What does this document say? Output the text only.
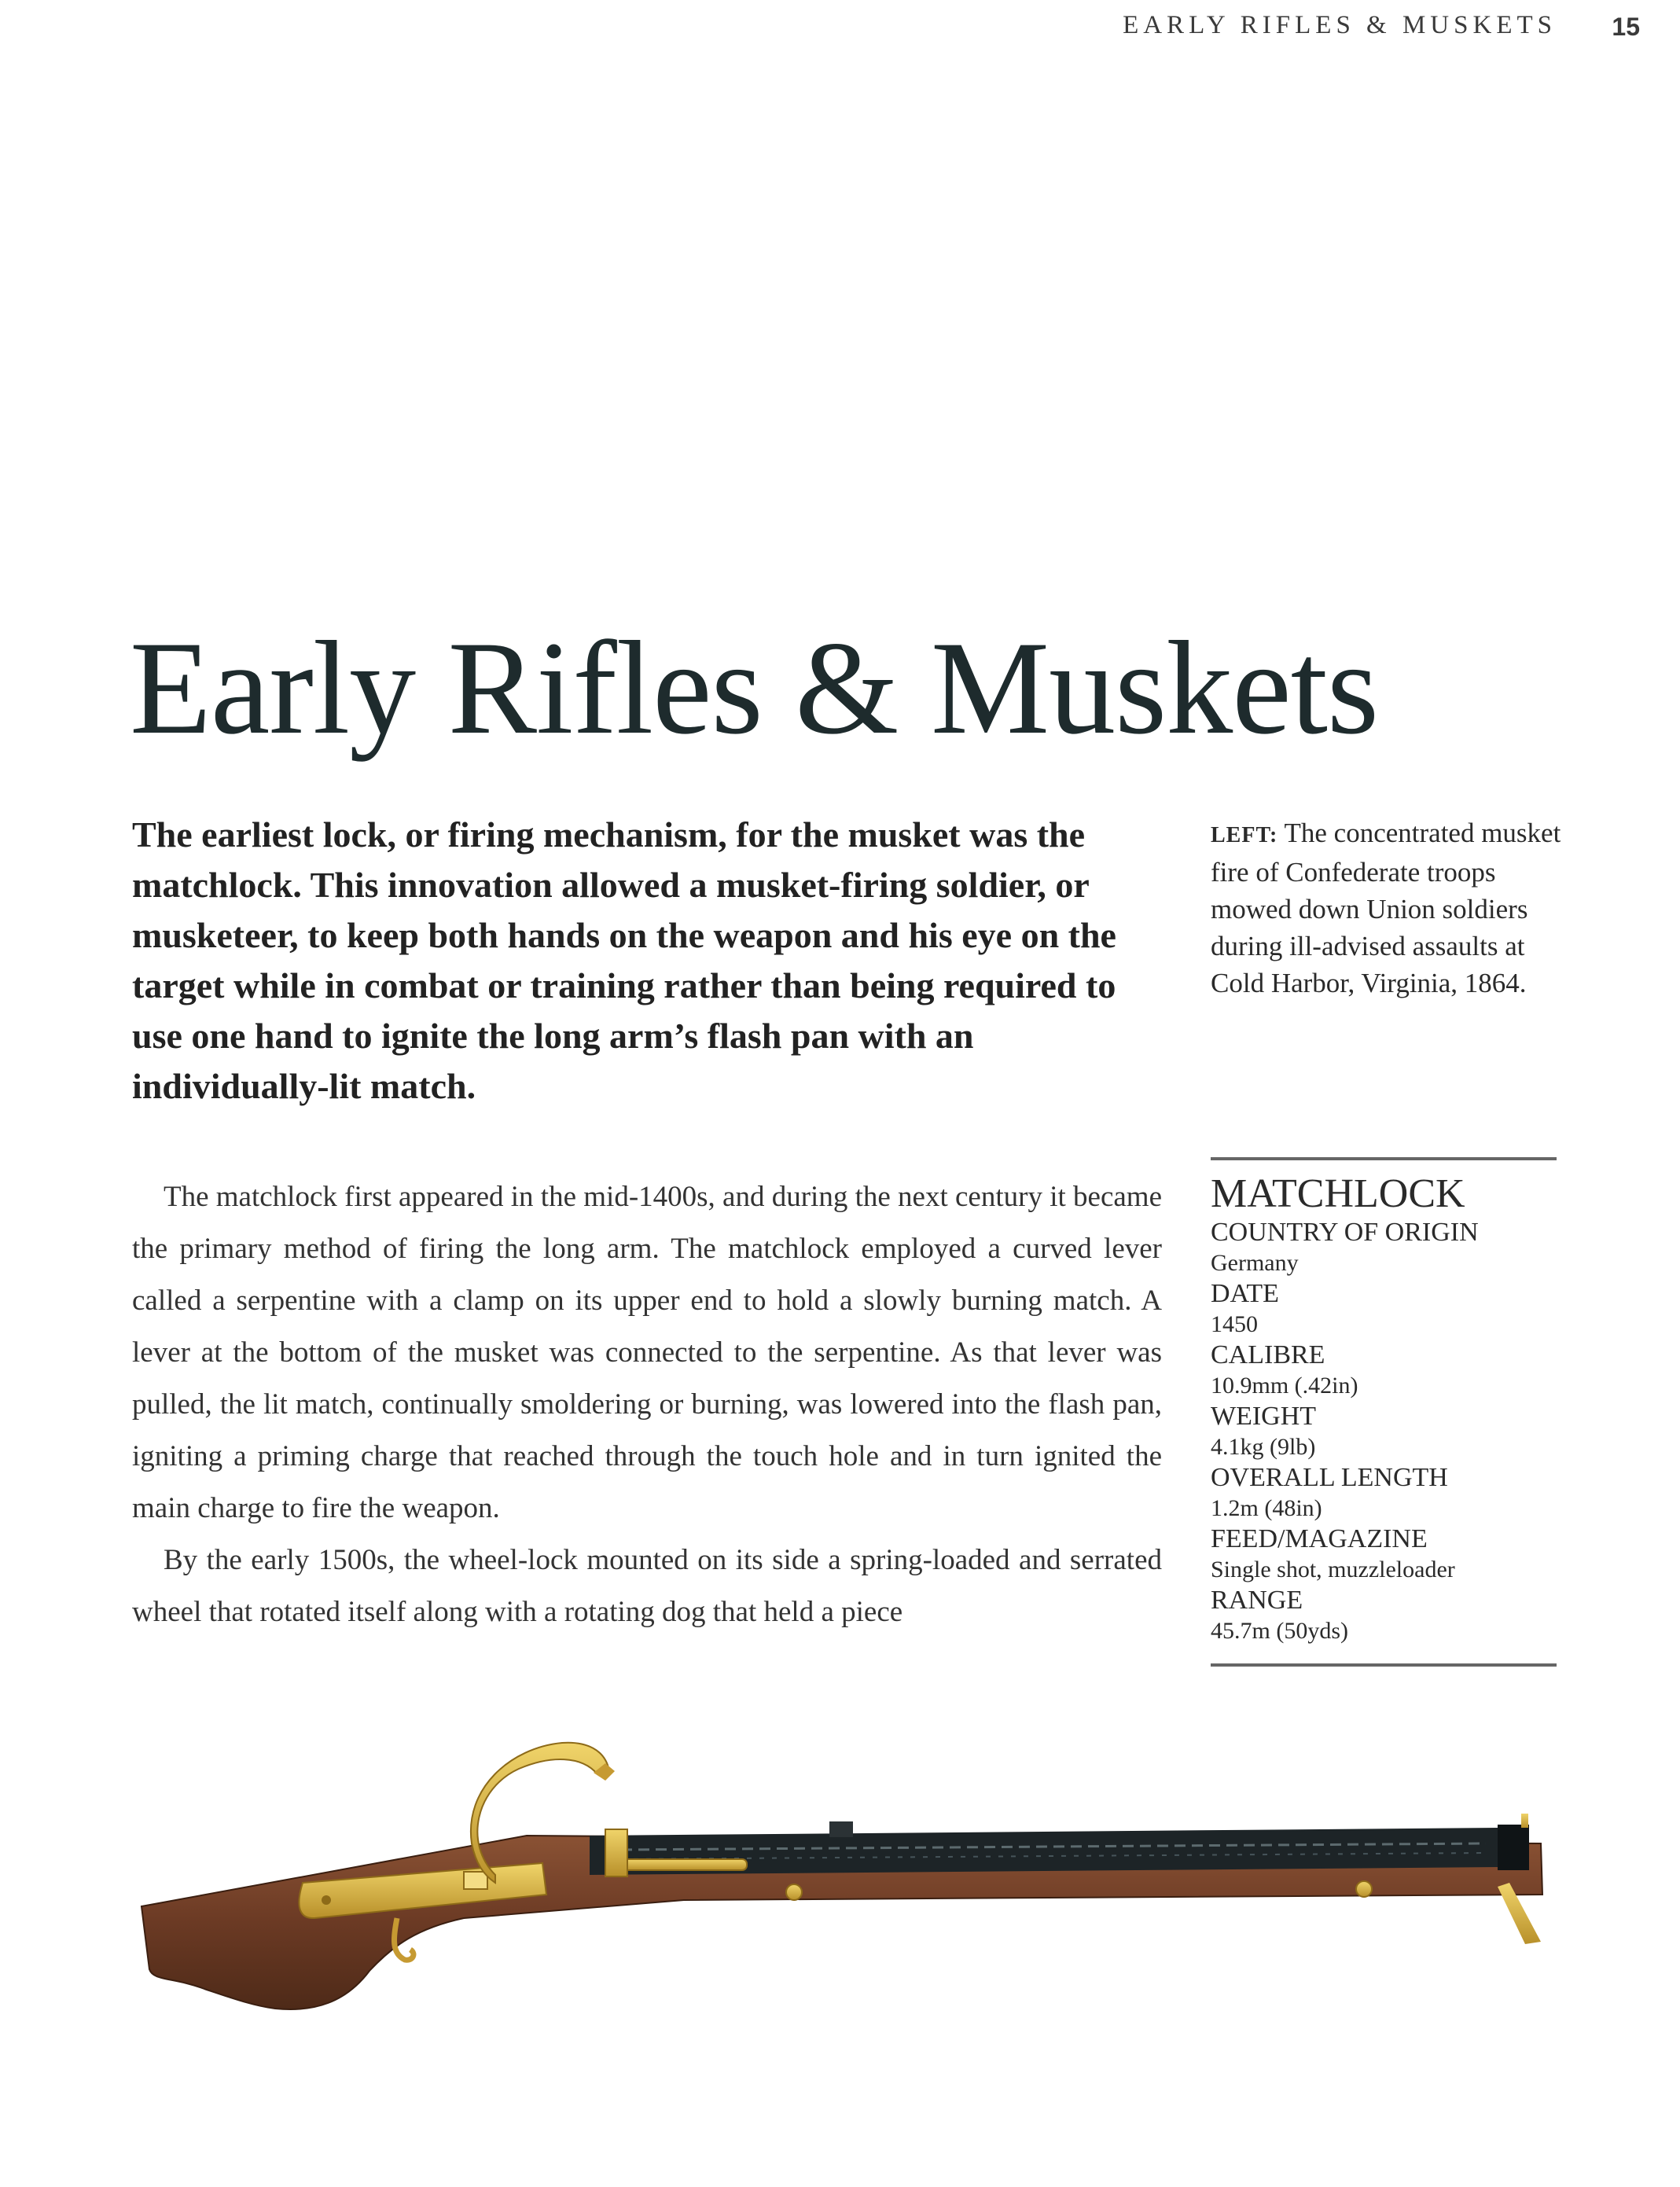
EARLY RIFLES & MUSKETS 15
Early Rifles & Muskets

The earliest lock, or firing mechanism, for the musket was the matchlock. This innovation allowed a musket-firing soldier, or musketeer, to keep both hands on the weapon and his eye on the target while in combat or training rather than being required to use one hand to ignite the long arm’s flash pan with an individually-lit match.

LEFT: The concentrated musket fire of Confederate troops mowed down Union soldiers during ill-advised assaults at Cold Harbor, Virginia, 1864.

The matchlock first appeared in the mid-1400s, and during the next century it became the primary method of firing the long arm. The matchlock employed a curved lever called a serpentine with a clamp on its upper end to hold a slowly burning match. A lever at the bottom of the musket was connected to the serpentine. As that lever was pulled, the lit match, continually smoldering or burning, was lowered into the flash pan, igniting a priming charge that reached through the touch hole and in turn ignited the main charge to fire the weapon.

By the early 1500s, the wheel-lock mounted on its side a spring-loaded and serrated wheel that rotated itself along with a rotating dog that held a piece

MATCHLOCK
COUNTRY OF ORIGIN
Germany
DATE
1450
CALIBRE
10.9mm (.42in)
WEIGHT
4.1kg (9lb)
OVERALL LENGTH
1.2m (48in)
FEED/MAGAZINE
Single shot, muzzleloader
RANGE
45.7m (50yds)
